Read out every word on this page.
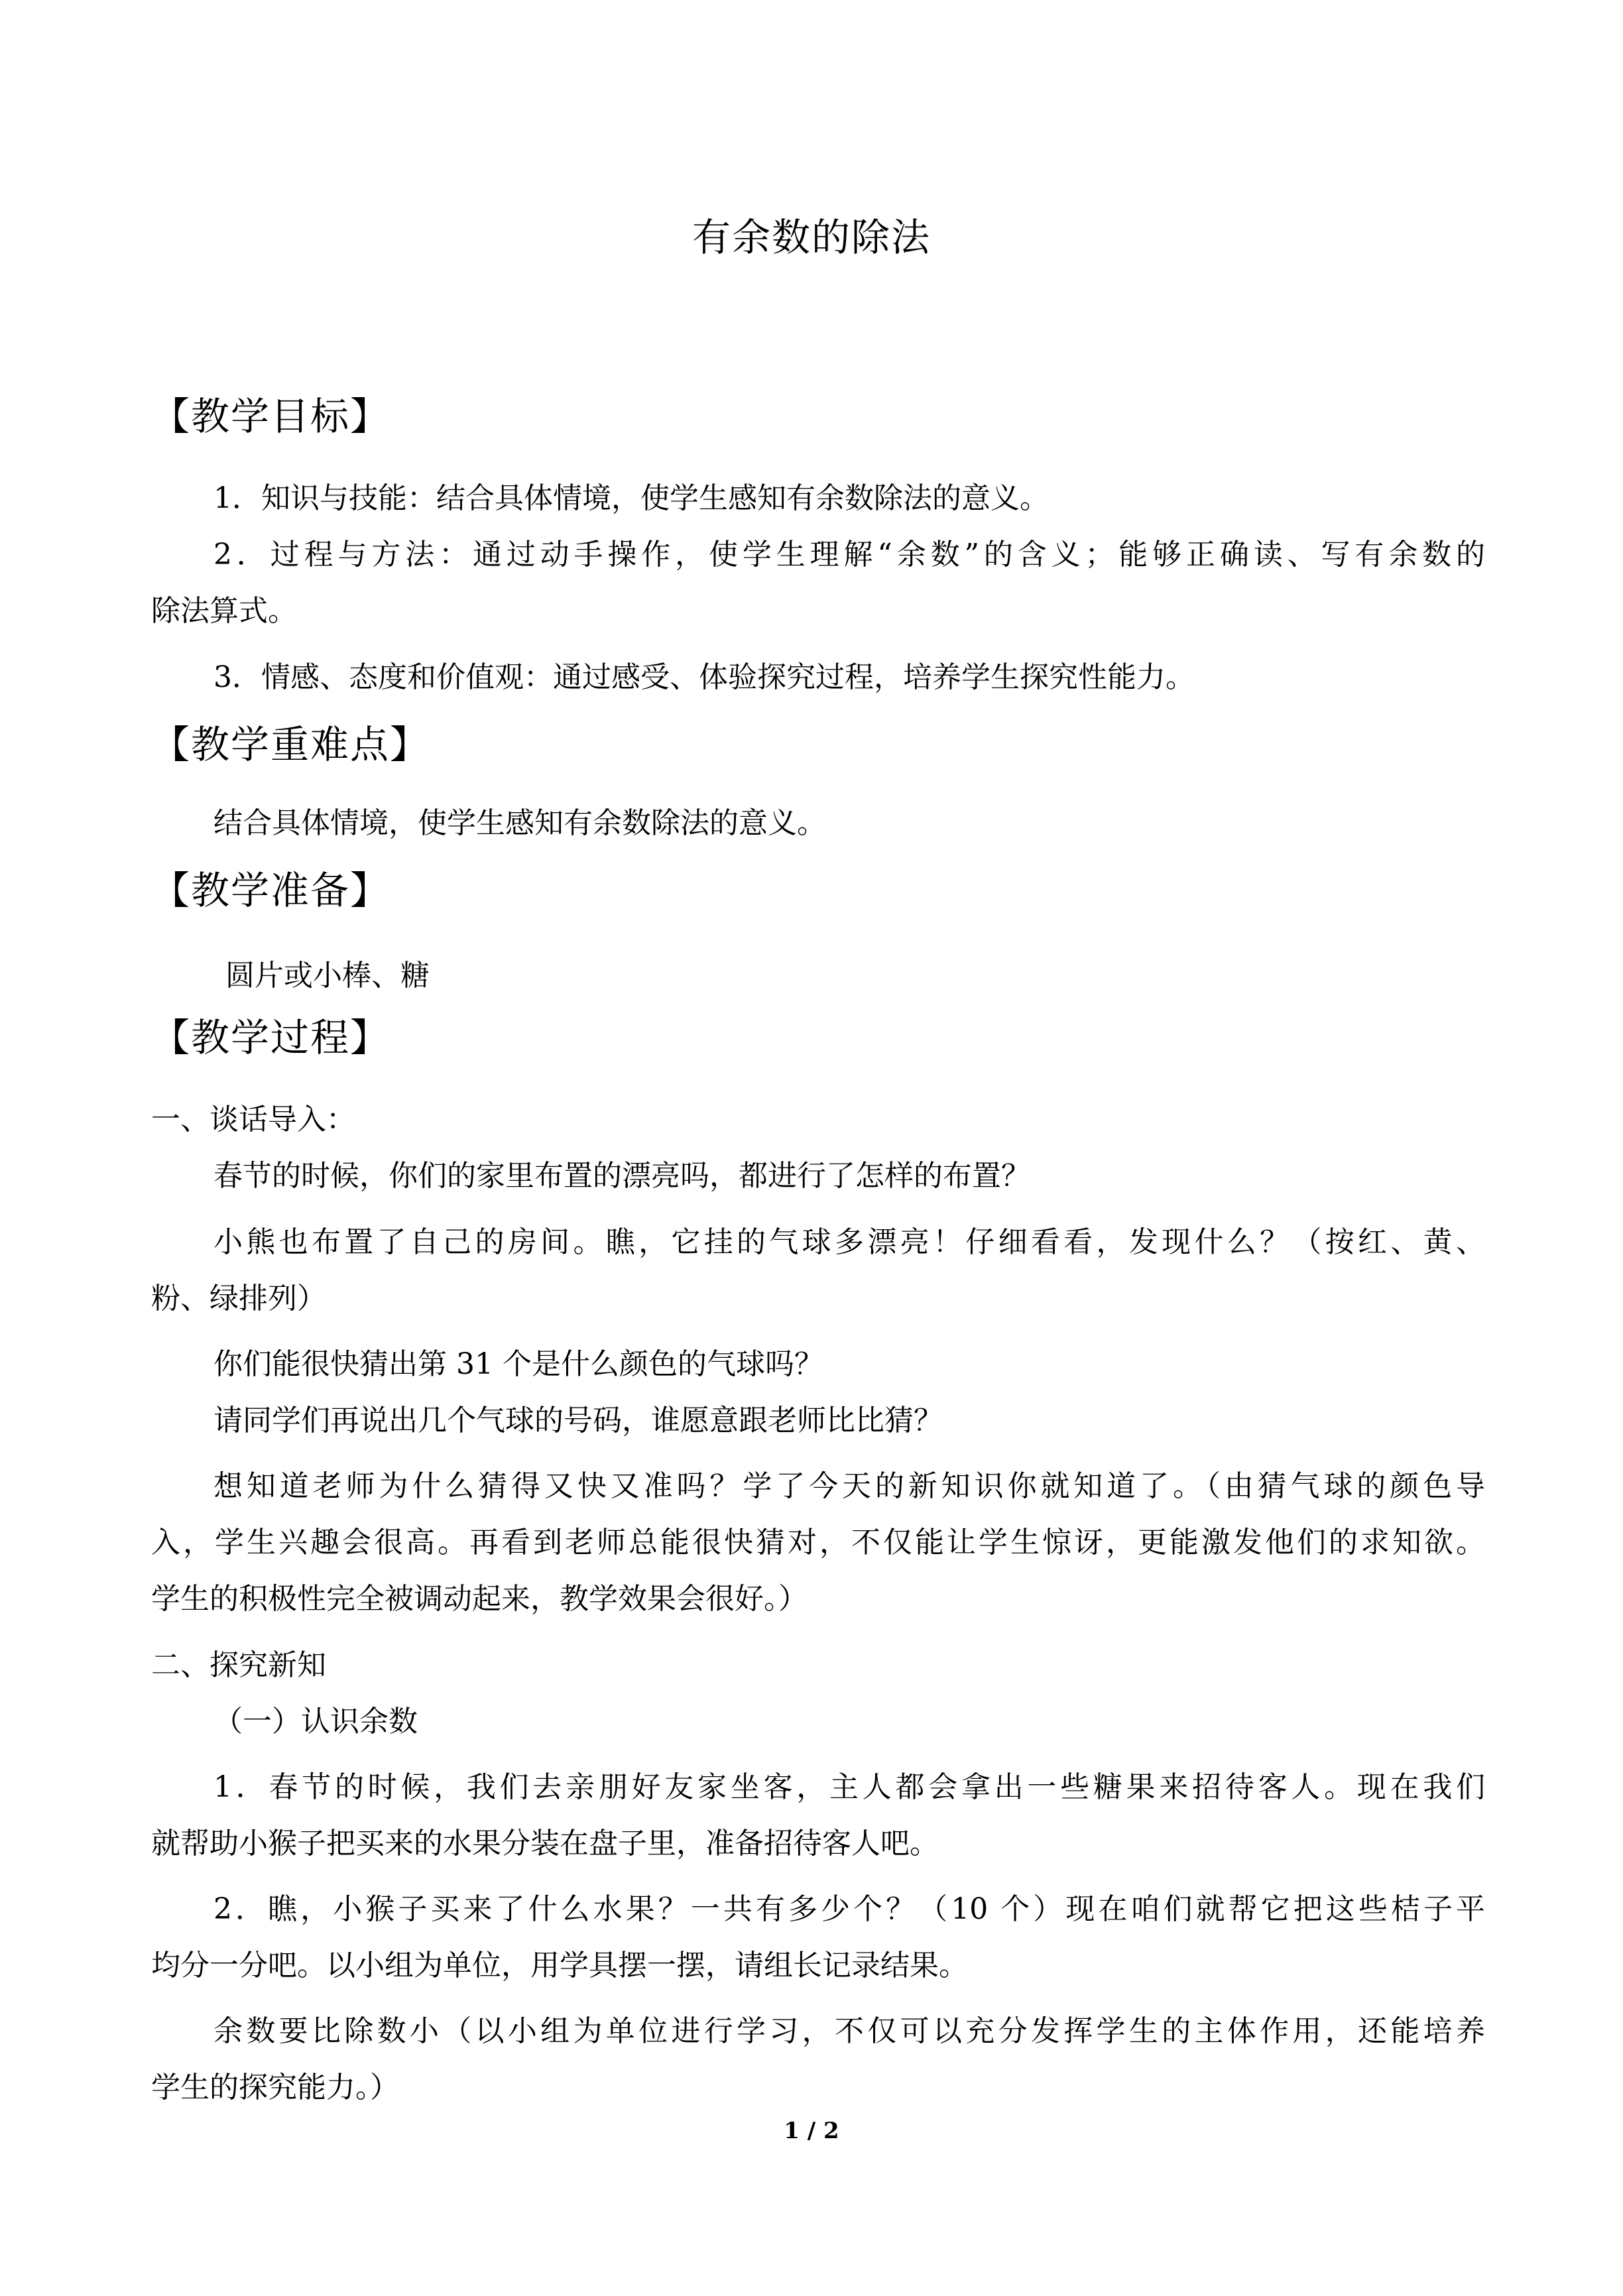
有余数的除法
【教学目标】
1．知识与技能：结合具体情境，使学生感知有余数除法的意义。
2．过程与方法：通过动手操作，使学生理解“余数”的含义；能够正确读、写有余数的
除法算式。
3．情感、态度和价值观：通过感受、体验探究过程，培养学生探究性能力。
【教学重难点】
结合具体情境，使学生感知有余数除法的意义。
【教学准备】
圆片或小棒、糖
【教学过程】
一、谈话导入：
春节的时候，你们的家里布置的漂亮吗，都进行了怎样的布置？
小熊也布置了自己的房间。瞧，它挂的气球多漂亮！仔细看看，发现什么？（按红、黄、
粉、绿排列）
你们能很快猜出第 31 个是什么颜色的气球吗？
请同学们再说出几个气球的号码，谁愿意跟老师比比猜？
想知道老师为什么猜得又快又准吗？学了今天的新知识你就知道了。（由猜气球的颜色导
入，学生兴趣会很高。再看到老师总能很快猜对，不仅能让学生惊讶，更能激发他们的求知欲。
学生的积极性完全被调动起来，教学效果会很好。）
二、探究新知
（一）认识余数
1．春节的时候，我们去亲朋好友家坐客，主人都会拿出一些糖果来招待客人。现在我们
就帮助小猴子把买来的水果分装在盘子里，准备招待客人吧。
2．瞧，小猴子买来了什么水果？一共有多少个？（10 个）现在咱们就帮它把这些桔子平
均分一分吧。以小组为单位，用学具摆一摆，请组长记录结果。
余数要比除数小（以小组为单位进行学习，不仅可以充分发挥学生的主体作用，还能培养
学生的探究能力。）
1 / 2
